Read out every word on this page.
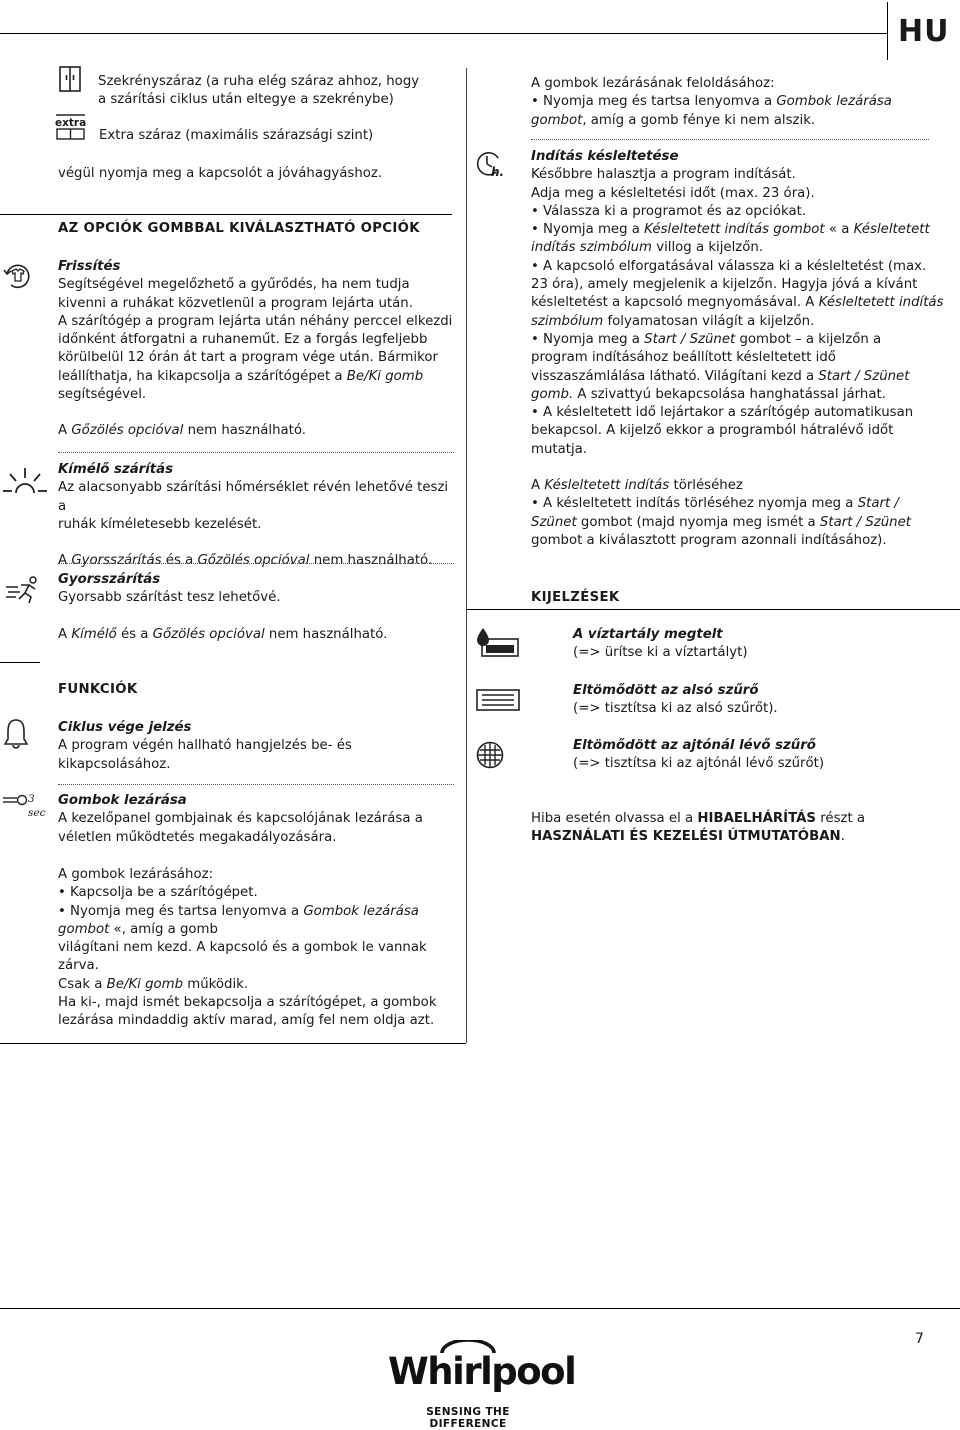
HU

Szekrényszáraz (a ruha elég száraz ahhoz, hogy

a szárítási ciklus után eltegye a szekrénybe)

extra
Extra száraz (maximális szárazsági szint)
végül nyomja meg a kapcsolót a jóváhagyáshoz.
AZ OPCIÓK GOMBBAL KIVÁLASZTHATÓ OPCIÓK

Frissítés

Segítségével megelőzhető a gyűrődés, ha nem tudja

kivenni a ruhákat közvetlenül a program lejárta után.

A szárítógép a program lejárta után néhány perccel elkezdi

időnként átforgatni a ruhaneműt. Ez a forgás legfeljebb

körülbelül 12 órán át tart a program vége után. Bármikor

leállíthatja, ha kikapcsolja a szárítógépet a Be/Ki gomb

segítségével.

A Gőzölés opcióval nem használható.

Kímélő szárítás

Az alacsonyabb szárítási hőmérséklet révén lehetővé teszi a

ruhák kíméletesebb kezelését.

A Gyorsszárítás és a Gőzölés opcióval nem használható.

Gyorsszárítás

Gyorsabb szárítást tesz lehetővé.

A Kímélő és a Gőzölés opcióval nem használható.

FUNKCIÓK

Ciklus vége jelzés

A program végén hallható hangjelzés be- és

kikapcsolásához.

3 sec

Gombok lezárása

A kezelőpanel gombjainak és kapcsolójának lezárása a

véletlen működtetés megakadályozására.

A gombok lezárásához:

• Kapcsolja be a szárítógépet.

• Nyomja meg és tartsa lenyomva a Gombok lezárása

gombot «, amíg a gomb

világítani nem kezd. A kapcsoló és a gombok le vannak

zárva.

Csak a Be/Ki gomb működik.

Ha ki-, majd ismét bekapcsolja a szárítógépet, a gombok

lezárása mindaddig aktív marad, amíg fel nem oldja azt.

A gombok lezárásának feloldásához:

• Nyomja meg és tartsa lenyomva a Gombok lezárása

gombot, amíg a gomb fénye ki nem alszik.

h.

Indítás késleltetése

Későbbre halasztja a program indítását.

Adja meg a késleltetési időt (max. 23 óra).

• Válassza ki a programot és az opciókat.

• Nyomja meg a Késleltetett indítás gombot « a Késleltetett

indítás szimbólum villog a kijelzőn.

• A kapcsoló elforgatásával válassza ki a késleltetést (max.

23 óra), amely megjelenik a kijelzőn. Hagyja jóvá a kívánt

késleltetést a kapcsoló megnyomásával. A Késleltetett indítás

szimbólum folyamatosan világít a kijelzőn.

• Nyomja meg a Start / Szünet gombot – a kijelzőn a

program indításához beállított késleltetett idő

visszaszámlálása látható. Világítani kezd a Start / Szünet

gomb. A szivattyú bekapcsolása hanghatással járhat.

• A késleltetett idő lejártakor a szárítógép automatikusan

bekapcsol. A kijelző ekkor a programból hátralévő időt

mutatja.

A Késleltetett indítás törléséhez

• A késleltetett indítás törléséhez nyomja meg a Start /

Szünet gombot (majd nyomja meg ismét a Start / Szünet

gombot a kiválasztott program azonnali indításához).

KIJELZÉSEK

A víztartály megtelt

(=> ürítse ki a víztartályt)

Eltömődött az alsó szűrő

(=> tisztítsa ki az alsó szűrőt).

Eltömődött az ajtónál lévő szűrő

(=> tisztítsa ki az ajtónál lévő szűrőt)

Hiba esetén olvassa el a HIBAELHÁRÍTÁS részt a

HASZNÁLATI ÉS KEZELÉSI ÚTMUTATÓBAN.

7
Whirlpool
SENSING THE DIFFERENCE
